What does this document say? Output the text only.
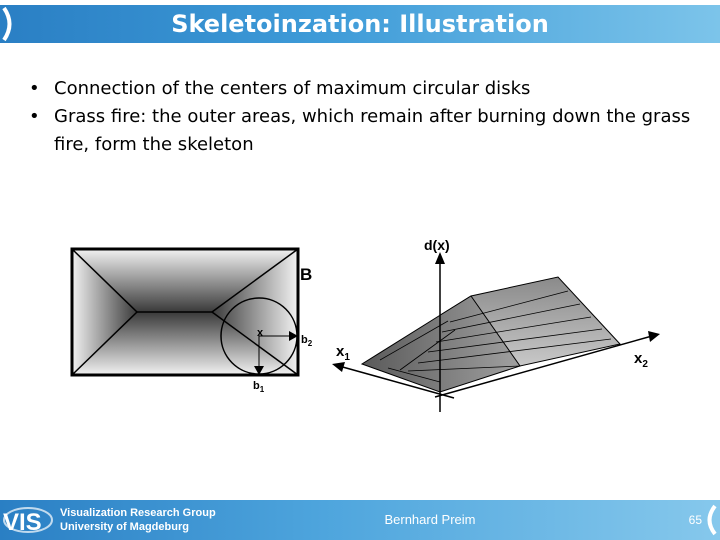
Skeletoinzation: Illustration
• Connection of the centers of maximum circular disks
• Grass fire: the outer areas, which remain after burning down the grass fire, form the skeleton
B
x
$b_2$
$b_1$
d(x)
$x_1$	$x_2$
VIS Visualization Research Group
University of Magdeburg	Bernhard Preim	65
